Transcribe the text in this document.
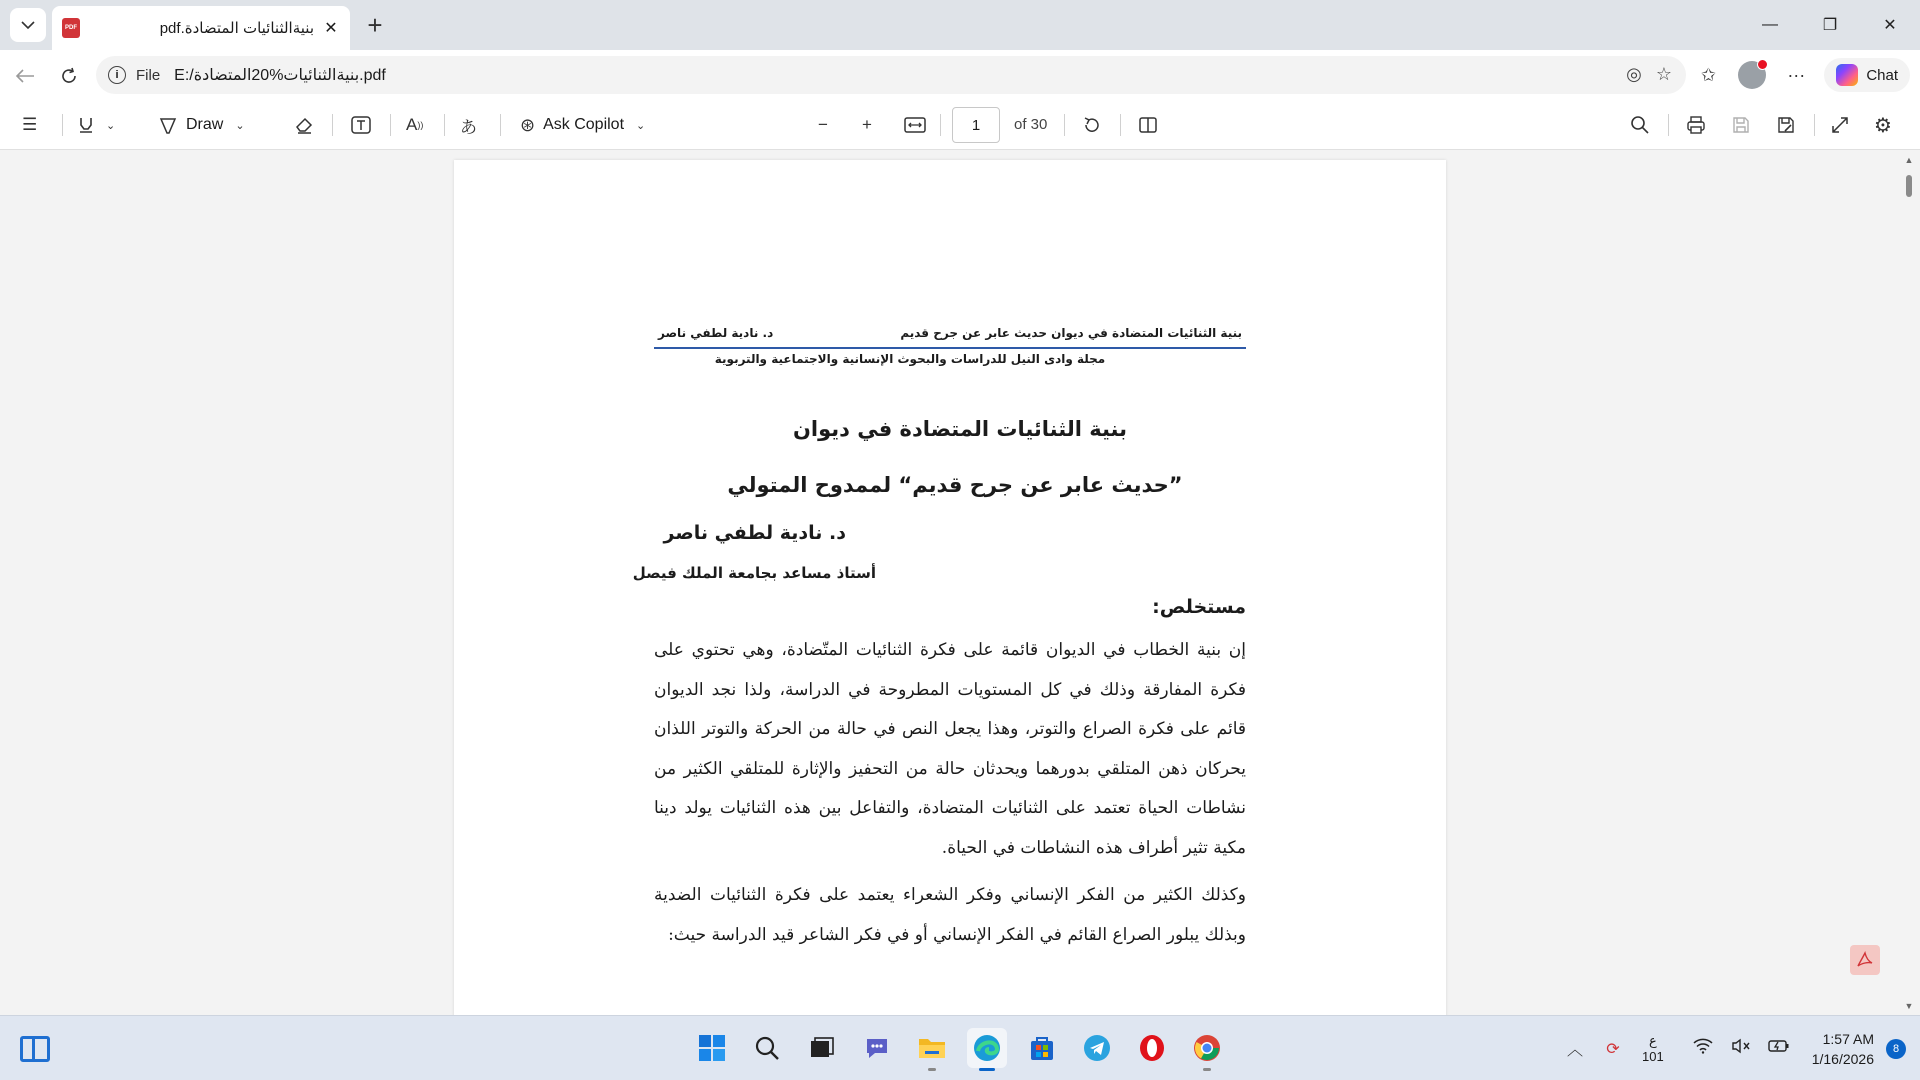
PDF	بنيةالثنائيات المتضادة.pdf ✕ +	—	❐	✕
i	File E:/بنيةالثنائيات%20المتضادة.pdf	◎ ☆	✩	···	Chat
☰	⌄	Draw ⌄	A )) あ ⊛ Ask Copilot ⌄	− +	⚙
1	of 30
بنية الثنائيات المتضادة في ديوان حديث عابر عن جرح قديم
د. نادية لطفي ناصر
مجلة وادى النيل للدراسات والبحوث الإنسانية والاجتماعية والتربوية
بنية الثنائيات المتضادة في ديوان
”حديث عابر عن جرح قديم“ لممدوح المتولي
د. نادية لطفي ناصر
أستاذ مساعد بجامعة الملك فيصل
مستخلص:
إن بنية الخطاب في الديوان قائمة على فكرة الثنائيات المتّضادة، وهي تحتوي على فكرة المفارقة وذلك في كل المستويات المطروحة في الدراسة، ولذا نجد الديوان قائم على فكرة الصراع والتوتر، وهذا يجعل النص في حالة من الحركة والتوتر اللذان يحركان ذهن المتلقي بدورهما ويحدثان حالة من التحفيز والإثارة للمتلقي الكثير من نشاطات الحياة تعتمد على الثنائيات المتضادة، والتفاعل بين هذه الثنائيات يولد دينا مكية تثير أطراف هذه النشاطات في الحياة.
وكذلك الكثير من الفكر الإنساني وفكر الشعراء يعتمد على فكرة الثنائيات الضدية وبذلك يبلور الصراع القائم في الفكر الإنساني أو في فكر الشاعر قيد الدراسة حيث:
▲
▼
︿	⟳
ع
101
1:57 AM
1/16/2026
8
